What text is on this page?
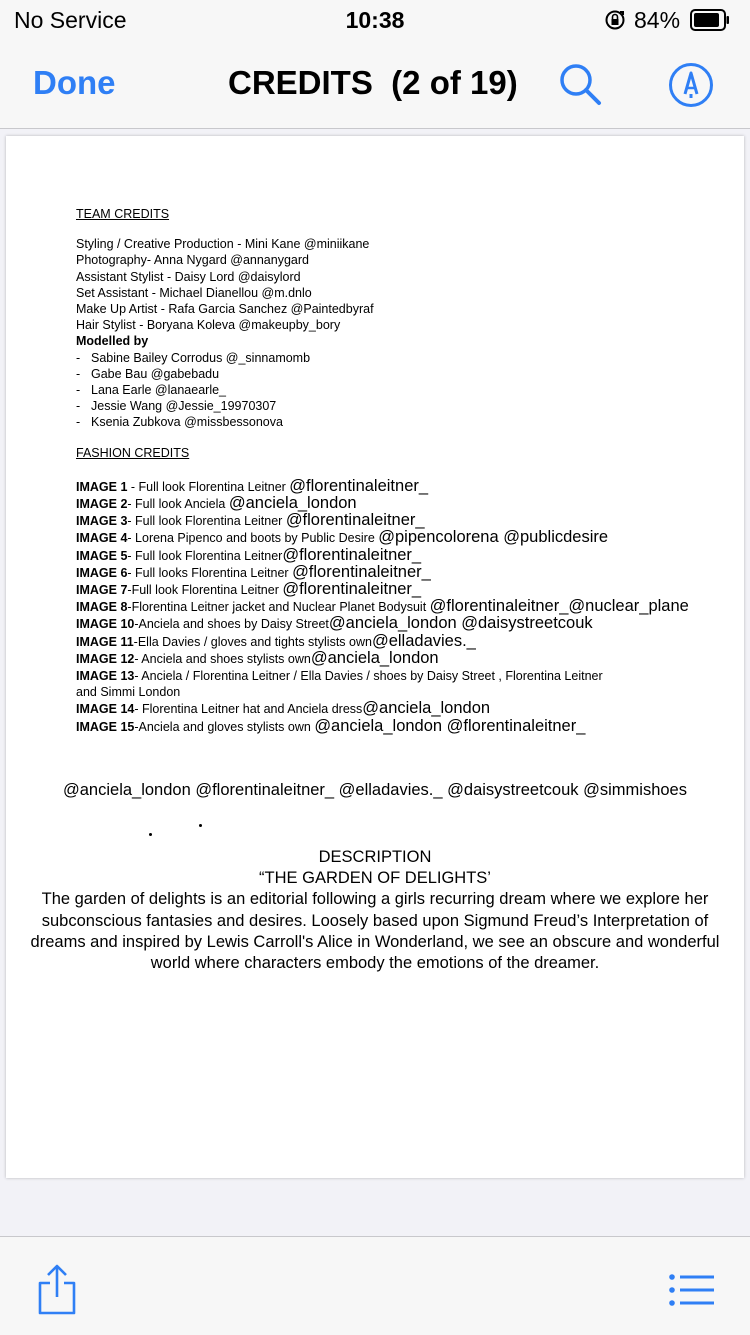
No Service	10:38	84%
Done	CREDITS  (2 of 19)
TEAM CREDITS
Styling / Creative Production - Mini Kane @miniikane
Photography- Anna Nygard @annanygard
Assistant Stylist - Daisy Lord @daisylord
Set Assistant - Michael Dianellou @m.dnlo
Make Up Artist - Rafa Garcia Sanchez @Paintedbyraf
Hair Stylist - Boryana Koleva @makeupby_bory
Modelled by
- Sabine Bailey Corrodus @_sinnamomb
- Gabe Bau @gabebadu
- Lana Earle @lanaearle_
- Jessie Wang @Jessie_19970307
- Ksenia Zubkova @missbessonova
FASHION CREDITS
IMAGE 1 - Full look Florentina Leitner @florentinaleitner_
IMAGE 2- Full look Anciela @anciela_london
IMAGE 3- Full look Florentina Leitner @florentinaleitner_
IMAGE 4- Lorena Pipenco and boots by Public Desire @pipencolorena @publicdesire
IMAGE 5- Full look Florentina Leitner@florentinaleitner_
IMAGE 6- Full looks Florentina Leitner @florentinaleitner_
IMAGE 7-Full look Florentina Leitner @florentinaleitner_
IMAGE 8-Florentina Leitner jacket and Nuclear Planet Bodysuit @florentinaleitner_@nuclear_plane
IMAGE 10-Anciela and shoes by Daisy Street@anciela_london @daisystreetcouk
IMAGE 11-Ella Davies / gloves and tights stylists own@elladavies._
IMAGE 12- Anciela and shoes stylists own@anciela_london
IMAGE 13- Anciela / Florentina Leitner / Ella Davies / shoes by Daisy Street , Florentina Leitner
and Simmi London
IMAGE 14- Florentina Leitner hat and Anciela dress@anciela_london
IMAGE 15-Anciela and gloves stylists own @anciela_london @florentinaleitner_
@anciela_london @florentinaleitner_ @elladavies._ @daisystreetcouk @simmishoes
DESCRIPTION
“THE GARDEN OF DELIGHTS’
The garden of delights is an editorial following a girls recurring dream where we explore her subconscious fantasies and desires. Loosely based upon Sigmund Freud’s Interpretation of dreams and inspired by Lewis Carroll's Alice in Wonderland, we see an obscure and wonderful world where characters embody the emotions of the dreamer.
